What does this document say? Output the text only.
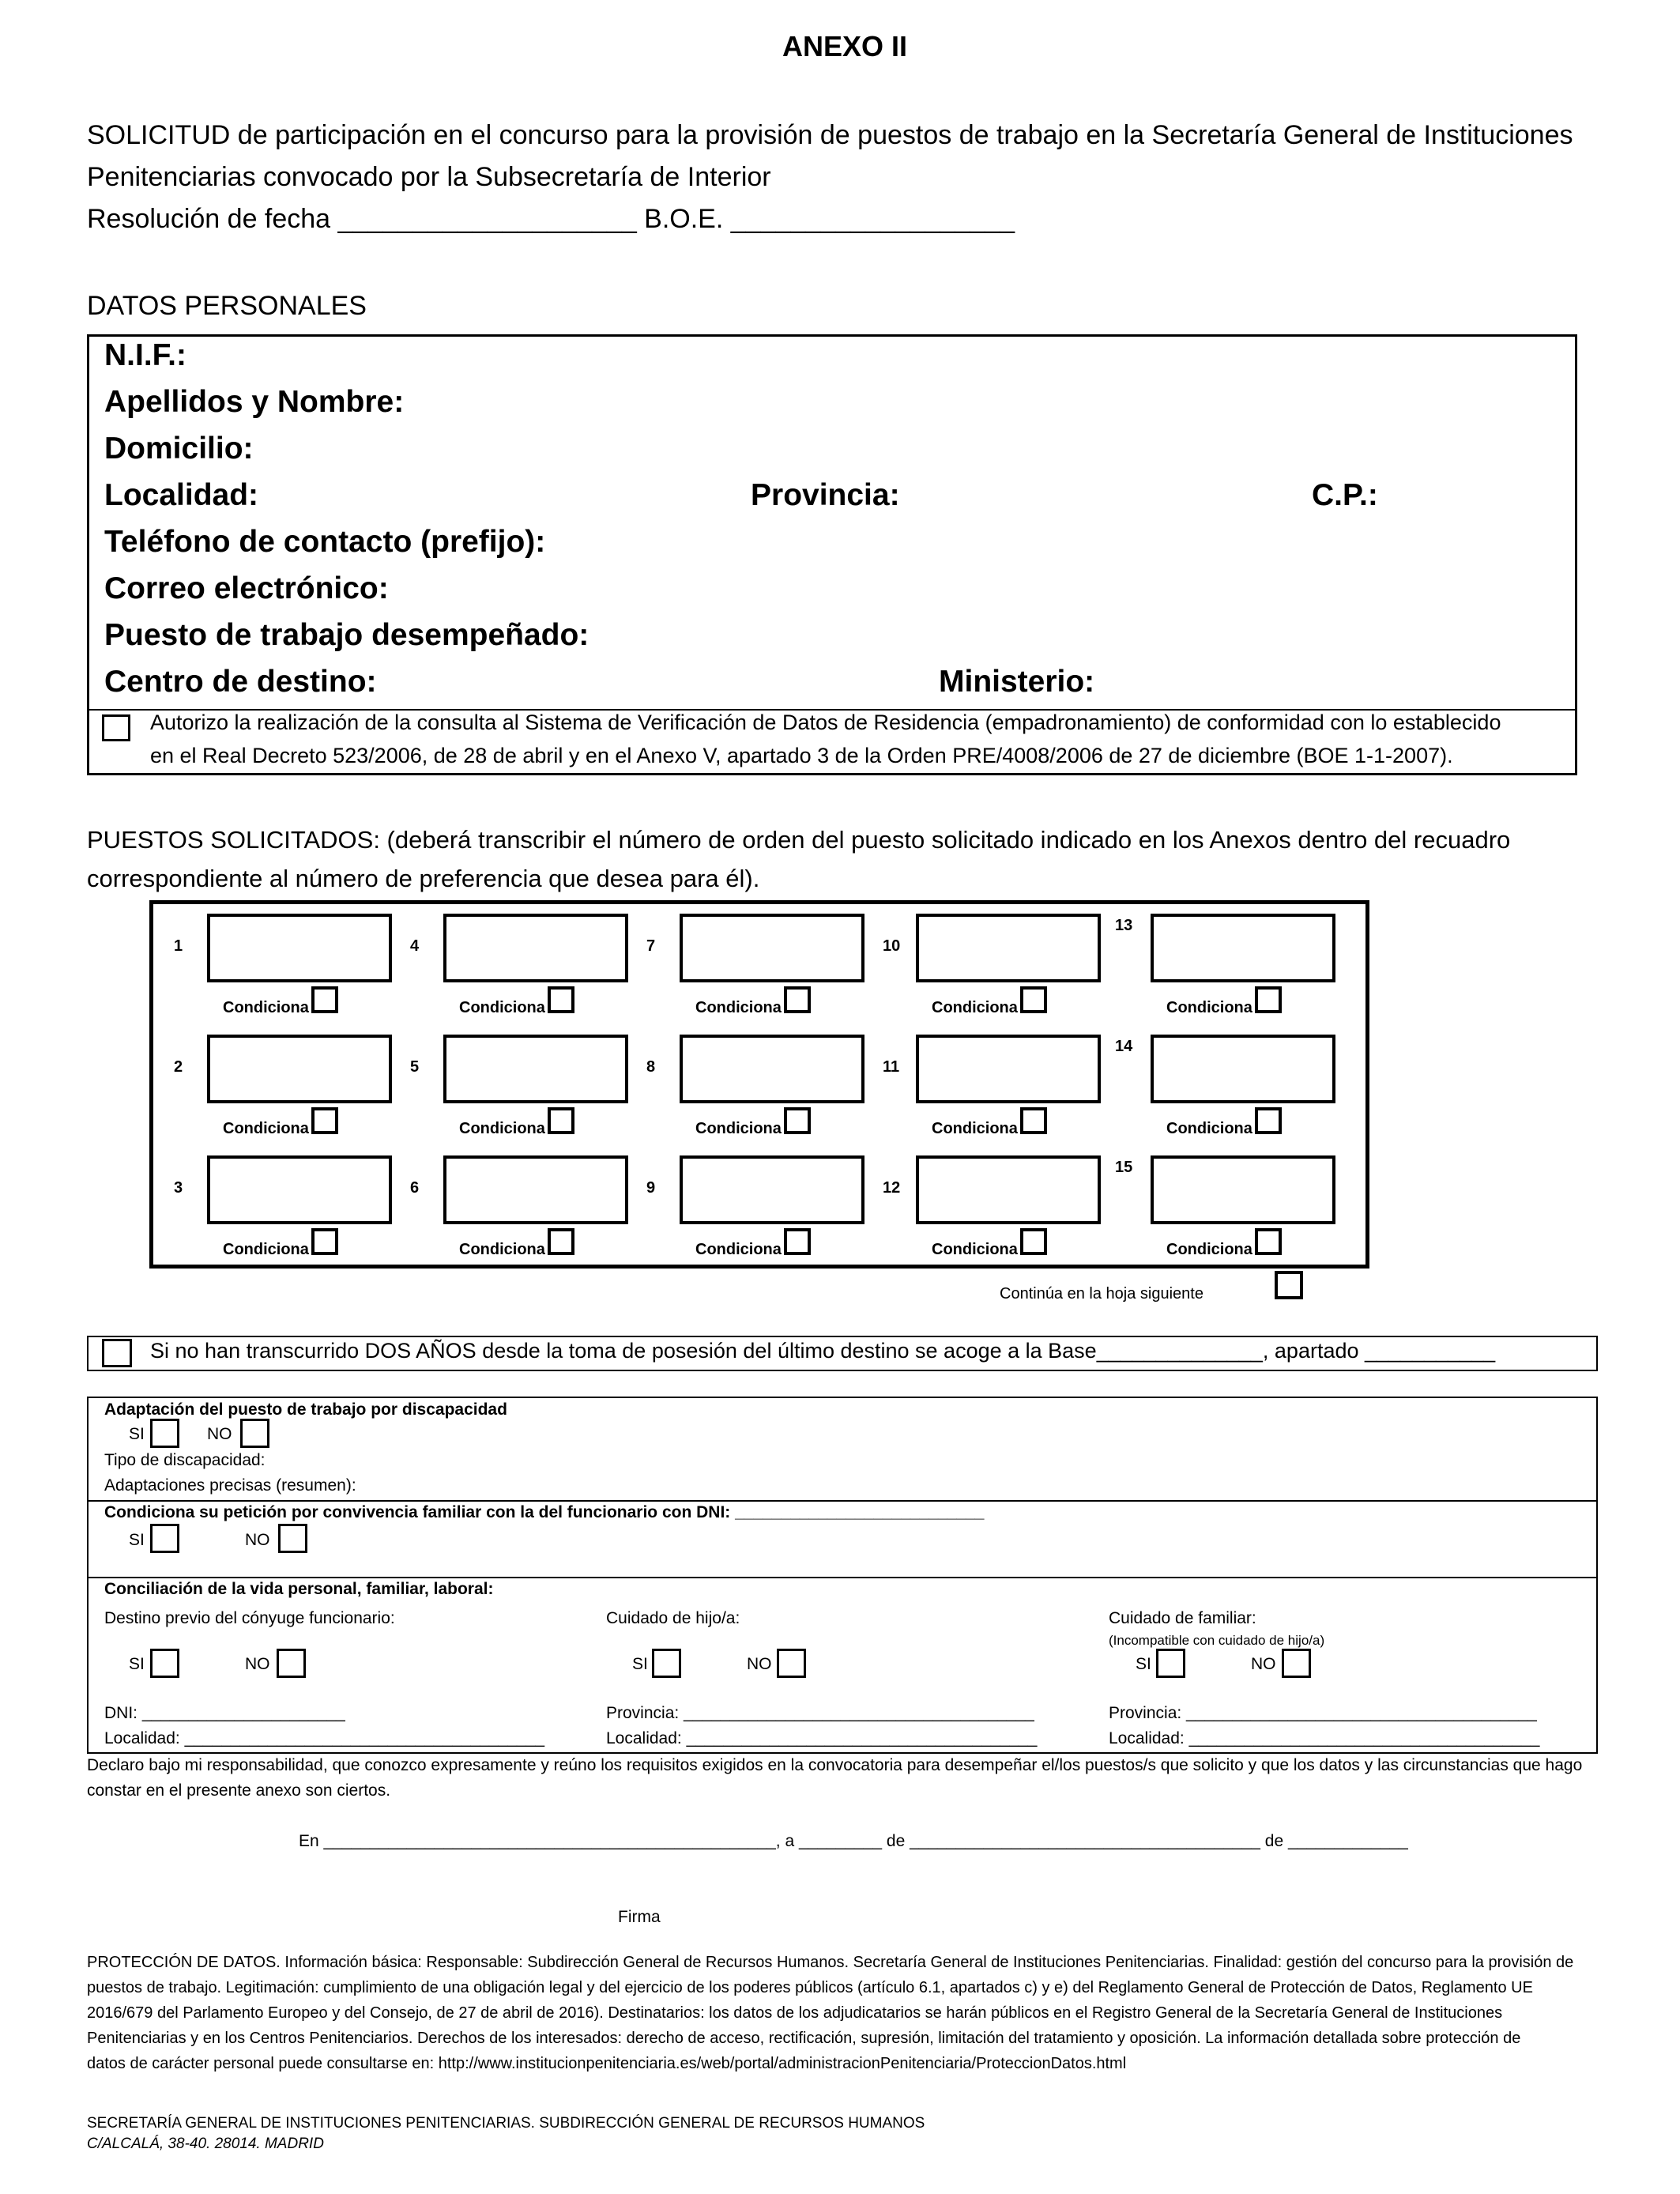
ANEXO II
SOLICITUD de participación en el concurso para la provisión de puestos de trabajo en la Secretaría General de Instituciones
Penitenciarias convocado por la Subsecretaría de Interior
Resolución de fecha ____________________ B.O.E. ___________________
DATOS PERSONALES
N.I.F.:
Apellidos y Nombre:
Domicilio:
Localidad:	Provincia:	C.P.:
Teléfono de contacto (prefijo):
Correo electrónico:
Puesto de trabajo desempeñado:
Centro de destino:	Ministerio:
Autorizo la realización de la consulta al Sistema de Verificación de Datos de Residencia (empadronamiento) de conformidad con lo establecido
en el Real Decreto 523/2006, de 28 de abril y en el Anexo V, apartado 3 de la Orden PRE/4008/2006 de 27 de diciembre (BOE 1-1-2007).
PUESTOS SOLICITADOS: (deberá transcribir el número de orden del puesto solicitado indicado en los Anexos dentro del recuadro
correspondiente al número de preferencia que desea para él).
1
Condiciona
4
Condiciona
7
Condiciona
10
Condiciona
13
Condiciona
2
Condiciona
5
Condiciona
8
Condiciona
11
Condiciona
14
Condiciona
3
Condiciona
6
Condiciona
9
Condiciona
12
Condiciona
15
Condiciona
Continúa en la hoja siguiente
Si no han transcurrido DOS AÑOS desde la toma de posesión del último destino se acoge a la Base______________, apartado ___________
Adaptación del puesto de trabajo por discapacidad
SI	NO
Tipo de discapacidad:
Adaptaciones precisas (resumen):
Condiciona su petición por convivencia familiar con la del funcionario con DNI: ___________________________
SI	NO
Conciliación de la vida personal, familiar, laboral:
Destino previo del cónyuge funcionario:	Cuidado de hijo/a:	Cuidado de familiar:
(Incompatible con cuidado de hijo/a)
SI	NO	SI	NO	SI	NO
DNI: ______________________
Localidad: _______________________________________
Provincia: ______________________________________
Localidad: ______________________________________
Provincia: ______________________________________
Localidad: ______________________________________
Declaro bajo mi responsabilidad, que conozco expresamente y reúno los requisitos exigidos en la convocatoria para desempeñar el/los puestos/s que solicito y que los datos y las circunstancias que hago
constar en el presente anexo son ciertos.
En _________________________________________________, a _________ de ______________________________________ de _____________
Firma
PROTECCIÓN DE DATOS. Información básica: Responsable: Subdirección General de Recursos Humanos. Secretaría General de Instituciones Penitenciarias. Finalidad: gestión del concurso para la provisión de
puestos de trabajo. Legitimación: cumplimiento de una obligación legal y del ejercicio de los poderes públicos (artículo 6.1, apartados c) y e) del Reglamento General de Protección de Datos, Reglamento UE
2016/679 del Parlamento Europeo y del Consejo, de 27 de abril de 2016). Destinatarios: los datos de los adjudicatarios se harán públicos en el Registro General de la Secretaría General de Instituciones
Penitenciarias y en los Centros Penitenciarios. Derechos de los interesados: derecho de acceso, rectificación, supresión, limitación del tratamiento y oposición. La información detallada sobre protección de
datos de carácter personal puede consultarse en: http://www.institucionpenitenciaria.es/web/portal/administracionPenitenciaria/ProteccionDatos.html
SECRETARÍA GENERAL DE INSTITUCIONES PENITENCIARIAS. SUBDIRECCIÓN GENERAL DE RECURSOS HUMANOS
C/ALCALÁ, 38-40. 28014. MADRID
